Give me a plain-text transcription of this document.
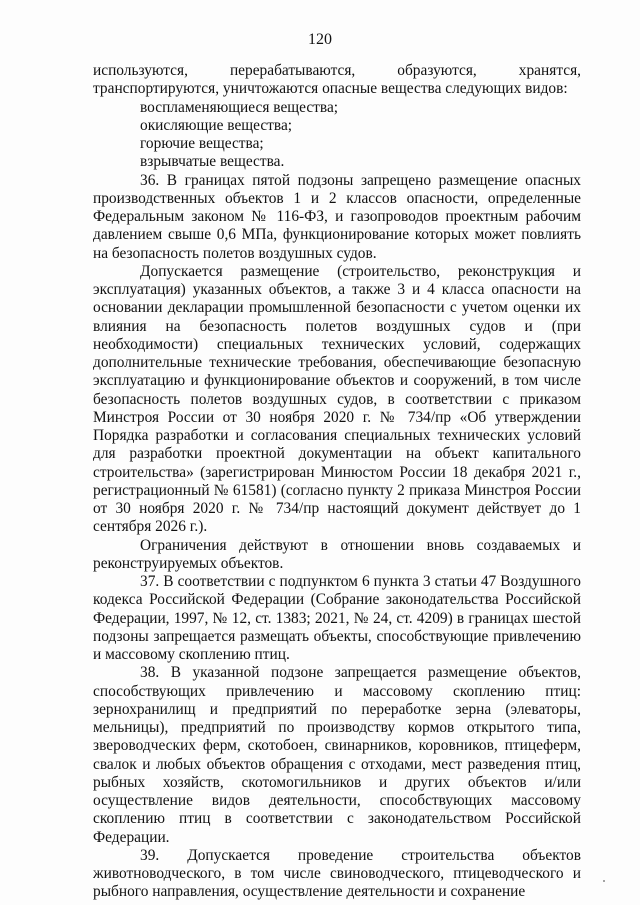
120

используются, перерабатываются, образуются, хранятся, транспортируются, уничтожаются опасные вещества следующих видов:

воспламеняющиеся вещества;

окисляющие вещества;

горючие вещества;

взрывчатые вещества.

36. В границах пятой подзоны запрещено размещение опасных производственных объектов 1 и 2 классов опасности, определенные Федеральным законом № 116-ФЗ, и газопроводов проектным рабочим давлением свыше 0,6 МПа, функционирование которых может повлиять на безопасность полетов воздушных судов.

Допускается размещение (строительство, реконструкция и эксплуатация) указанных объектов, а также 3 и 4 класса опасности на основании декларации промышленной безопасности с учетом оценки их влияния на безопасность полетов воздушных судов и (при необходимости) специальных технических условий, содержащих дополнительные технические требования, обеспечивающие безопасную эксплуатацию и функционирование объектов и сооружений, в том числе безопасность полетов воздушных судов, в соответствии с приказом Минстроя России от 30 ноября 2020 г. № 734/пр «Об утверждении Порядка разработки и согласования специальных технических условий для разработки проектной документации на объект капитального строительства» (зарегистрирован Минюстом России 18 декабря 2021 г., регистрационный № 61581) (согласно пункту 2 приказа Минстроя России от 30 ноября 2020 г. № 734/пр настоящий документ действует до 1 сентября 2026 г.).

Ограничения действуют в отношении вновь создаваемых и реконструируемых объектов.

37. В соответствии с подпунктом 6 пункта 3 статьи 47 Воздушного кодекса Российской Федерации (Собрание законодательства Российской Федерации, 1997, № 12, ст. 1383; 2021, № 24, ст. 4209) в границах шестой подзоны запрещается размещать объекты, способствующие привлечению и массовому скоплению птиц.

38. В указанной подзоне запрещается размещение объектов, способствующих привлечению и массовому скоплению птиц: зернохранилищ и предприятий по переработке зерна (элеваторы, мельницы), предприятий по производству кормов открытого типа, звероводческих ферм, скотобоен, свинарников, коровников, птицеферм, свалок и любых объектов обращения с отходами, мест разведения птиц, рыбных хозяйств, скотомогильников и других объектов и/или осуществление видов деятельности, способствующих массовому скоплению птиц в соответствии с законодательством Российской Федерации.

39. Допускается проведение строительства объектов животноводческого, в том числе свиноводческого, птицеводческого и рыбного направления, осуществление деятельности и сохранение
